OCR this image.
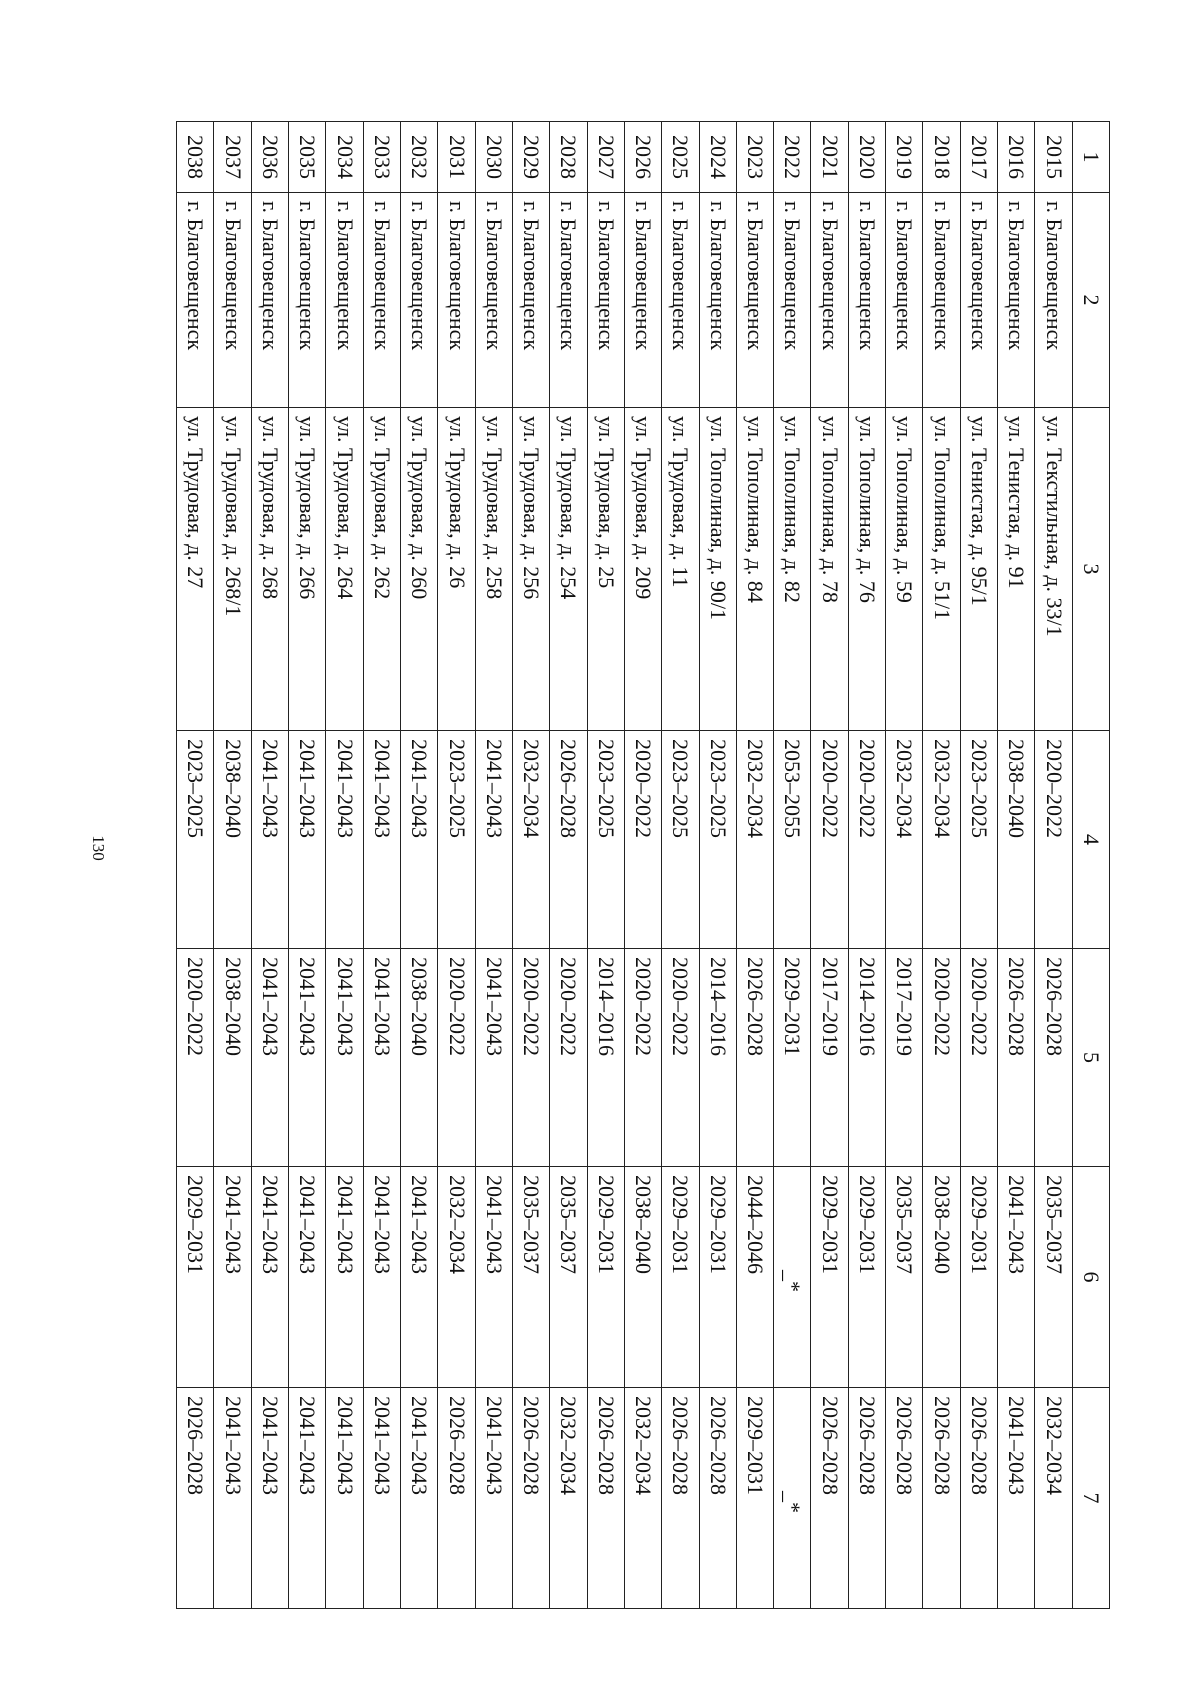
130
1	2	3	4	5	6	7
2015	г. Благовещенск	ул. Текстильная, д. 33/1	2020–2022	2026–2028	2035–2037	2032–2034
2016	г. Благовещенск	ул. Тенистая, д. 91	2038–2040	2026–2028	2041–2043	2041–2043
2017	г. Благовещенск	ул. Тенистая, д. 95/1	2023–2025	2020–2022	2029–2031	2026–2028
2018	г. Благовещенск	ул. Тополиная, д. 51/1	2032–2034	2020–2022	2038–2040	2026–2028
2019	г. Благовещенск	ул. Тополиная, д. 59	2032–2034	2017–2019	2035–2037	2026–2028
2020	г. Благовещенск	ул. Тополиная, д. 76	2020–2022	2014–2016	2029–2031	2026–2028
2021	г. Благовещенск	ул. Тополиная, д. 78	2020–2022	2017–2019	2029–2031	2026–2028
2022	г. Благовещенск	ул. Тополиная, д. 82	2053–2055	2029–2031	_*	_*
2023	г. Благовещенск	ул. Тополиная, д. 84	2032–2034	2026–2028	2044–2046	2029–2031
2024	г. Благовещенск	ул. Тополиная, д. 90/1	2023–2025	2014–2016	2029–2031	2026–2028
2025	г. Благовещенск	ул. Трудовая, д. 11	2023–2025	2020–2022	2029–2031	2026–2028
2026	г. Благовещенск	ул. Трудовая, д. 209	2020–2022	2020–2022	2038–2040	2032–2034
2027	г. Благовещенск	ул. Трудовая, д. 25	2023–2025	2014–2016	2029–2031	2026–2028
2028	г. Благовещенск	ул. Трудовая, д. 254	2026–2028	2020–2022	2035–2037	2032–2034
2029	г. Благовещенск	ул. Трудовая, д. 256	2032–2034	2020–2022	2035–2037	2026–2028
2030	г. Благовещенск	ул. Трудовая, д. 258	2041–2043	2041–2043	2041–2043	2041–2043
2031	г. Благовещенск	ул. Трудовая, д. 26	2023–2025	2020–2022	2032–2034	2026–2028
2032	г. Благовещенск	ул. Трудовая, д. 260	2041–2043	2038–2040	2041–2043	2041–2043
2033	г. Благовещенск	ул. Трудовая, д. 262	2041–2043	2041–2043	2041–2043	2041–2043
2034	г. Благовещенск	ул. Трудовая, д. 264	2041–2043	2041–2043	2041–2043	2041–2043
2035	г. Благовещенск	ул. Трудовая, д. 266	2041–2043	2041–2043	2041–2043	2041–2043
2036	г. Благовещенск	ул. Трудовая, д. 268	2041–2043	2041–2043	2041–2043	2041–2043
2037	г. Благовещенск	ул. Трудовая, д. 268/1	2038–2040	2038–2040	2041–2043	2041–2043
2038	г. Благовещенск	ул. Трудовая, д. 27	2023–2025	2020–2022	2029–2031	2026–2028
